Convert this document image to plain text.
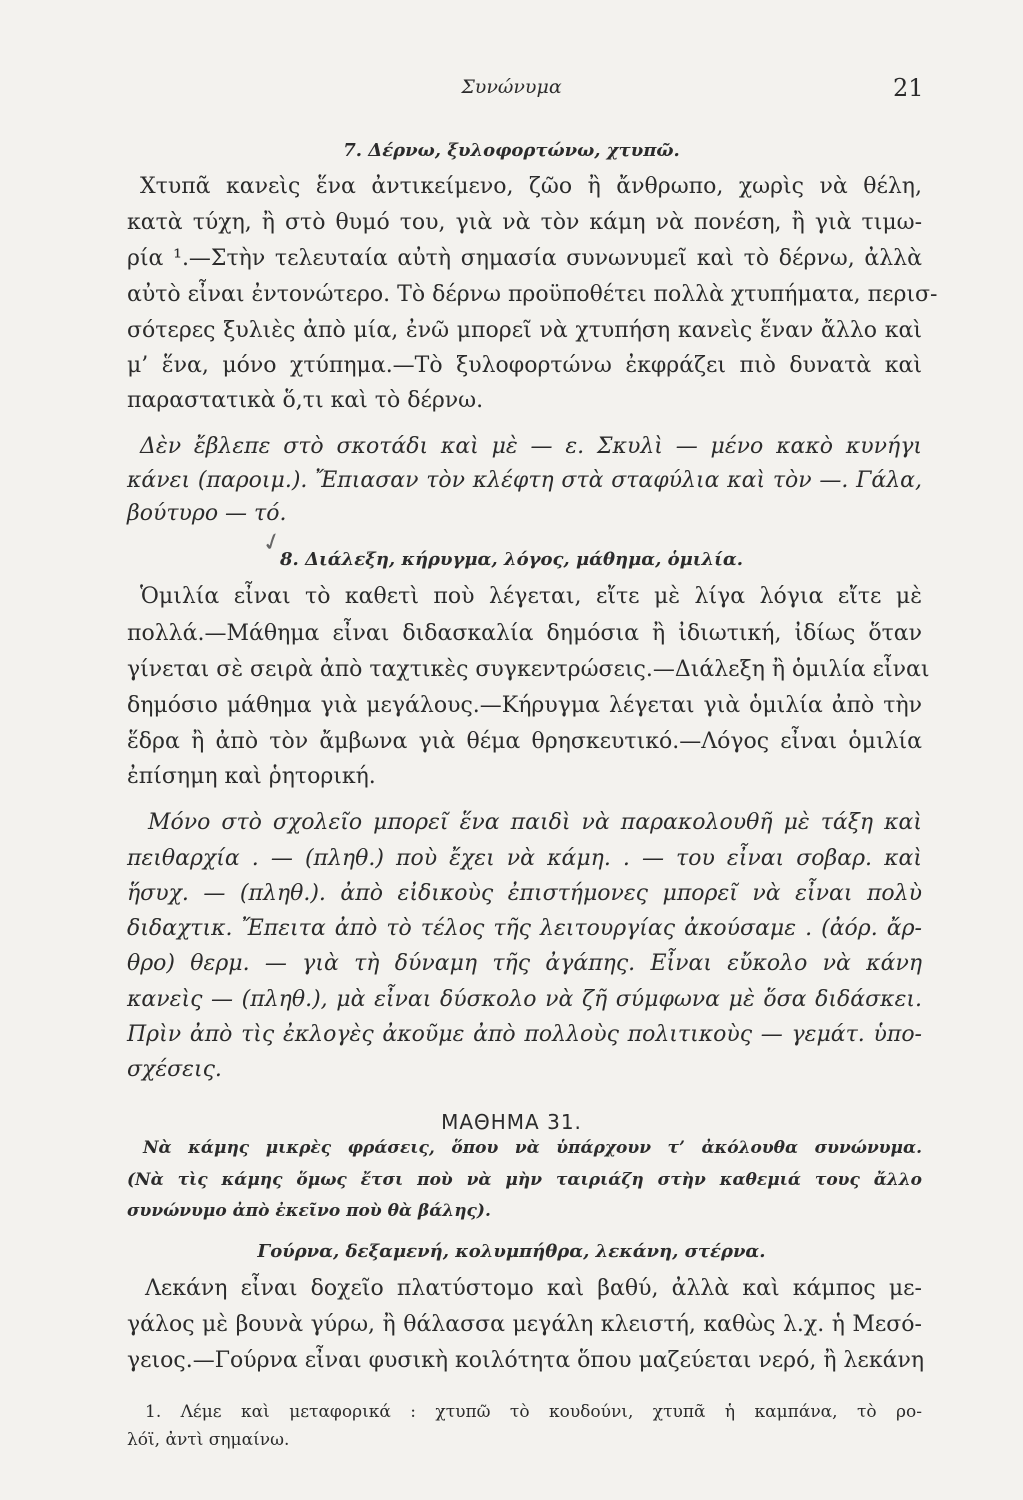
Συνώνυμα	21
7. Δέρνω, ξυλοφορτώνω, χτυπῶ.
Χτυπᾶ κανεὶς ἕνα ἀντικείμενο, ζῶο ἢ ἄνθρωπο, χωρὶς νὰ θέλη,
κατὰ τύχη, ἢ στὸ θυμό του, γιὰ νὰ τὸν κάμη νὰ πονέση, ἢ γιὰ τιμω-
ρία ¹.—Στὴν τελευταία αὐτὴ σημασία συνωνυμεῖ καὶ τὸ δέρνω, ἀλλὰ
αὐτὸ εἶναι ἐντονώτερο. Τὸ δέρνω προϋποθέτει πολλὰ χτυπήματα, περισ-
σότερες ξυλιὲς ἀπὸ μία, ἐνῶ μπορεῖ νὰ χτυπήση κανεὶς ἕναν ἄλλο καὶ
μ’ ἕνα, μόνο χτύπημα.—Τὸ ξυλοφορτώνω ἐκφράζει πιὸ δυνατὰ καὶ
παραστατικὰ ὅ,τι καὶ τὸ δέρνω.
Δὲν ἔβλεπε στὸ σκοτάδι καὶ μὲ — ε. Σκυλὶ — μένο κακὸ κυνήγι
κάνει (παροιμ.). Ἔπιασαν τὸν κλέφτη στὰ σταφύλια καὶ τὸν —. Γάλα,
βούτυρο — τό.
✓
8. Διάλεξη, κήρυγμα, λόγος, μάθημα, ὁμιλία.
Ὁμιλία εἶναι τὸ καθετὶ ποὺ λέγεται, εἴτε μὲ λίγα λόγια εἴτε μὲ
πολλά.—Μάθημα εἶναι διδασκαλία δημόσια ἢ ἰδιωτική, ἰδίως ὅταν
γίνεται σὲ σειρὰ ἀπὸ ταχτικὲς συγκεντρώσεις.—Διάλεξη ἢ ὁμιλία εἶναι
δημόσιο μάθημα γιὰ μεγάλους.—Κήρυγμα λέγεται γιὰ ὁμιλία ἀπὸ τὴν
ἕδρα ἢ ἀπὸ τὸν ἄμβωνα γιὰ θέμα θρησκευτικό.—Λόγος εἶναι ὁμιλία
ἐπίσημη καὶ ῥητορική.
Μόνο στὸ σχολεῖο μπορεῖ ἕνα παιδὶ νὰ παρακολουθῆ μὲ τάξη καὶ
πειθαρχία . — (πληθ.) ποὺ ἔχει νὰ κάμη. . — του εἶναι σοβαρ. καὶ
ἥσυχ. — (πληθ.). ἀπὸ εἰδικοὺς ἐπιστήμονες μπορεῖ νὰ εἶναι πολὺ
διδαχτικ. Ἔπειτα ἀπὸ τὸ τέλος τῆς λειτουργίας ἀκούσαμε . (ἀόρ. ἄρ-
θρο) θερμ. — γιὰ τὴ δύναμη τῆς ἀγάπης. Εἶναι εὔκολο νὰ κάνη
κανεὶς — (πληθ.), μὰ εἶναι δύσκολο νὰ ζῆ σύμφωνα μὲ ὅσα διδάσκει.
Πρὶν ἀπὸ τὶς ἐκλογὲς ἀκοῦμε ἀπὸ πολλοὺς πολιτικοὺς — γεμάτ. ὑπο-
σχέσεις.
ΜΑΘΗΜΑ 31.
Νὰ κάμης μικρὲς φράσεις, ὅπου νὰ ὑπάρχουν τ’ ἀκόλουθα συνώνυμα.
(Νὰ τὶς κάμης ὅμως ἔτσι ποὺ νὰ μὴν ταιριάζη στὴν καθεμιά τους ἄλλο
συνώνυμο ἀπὸ ἐκεῖνο ποὺ θὰ βάλης).
Γούρνα, δεξαμενή, κολυμπήθρα, λεκάνη, στέρνα.
Λεκάνη εἶναι δοχεῖο πλατύστομο καὶ βαθύ, ἀλλὰ καὶ κάμπος με-
γάλος μὲ βουνὰ γύρω, ἢ θάλασσα μεγάλη κλειστή, καθὼς λ.χ. ἡ Μεσό-
γειος.—Γούρνα εἶναι φυσικὴ κοιλότητα ὅπου μαζεύεται νερό, ἢ λεκάνη
1. Λέμε καὶ μεταφορικά : χτυπῶ τὸ κουδούνι, χτυπᾶ ἡ καμπάνα, τὸ ρο-
λόϊ, ἀντὶ σημαίνω.
